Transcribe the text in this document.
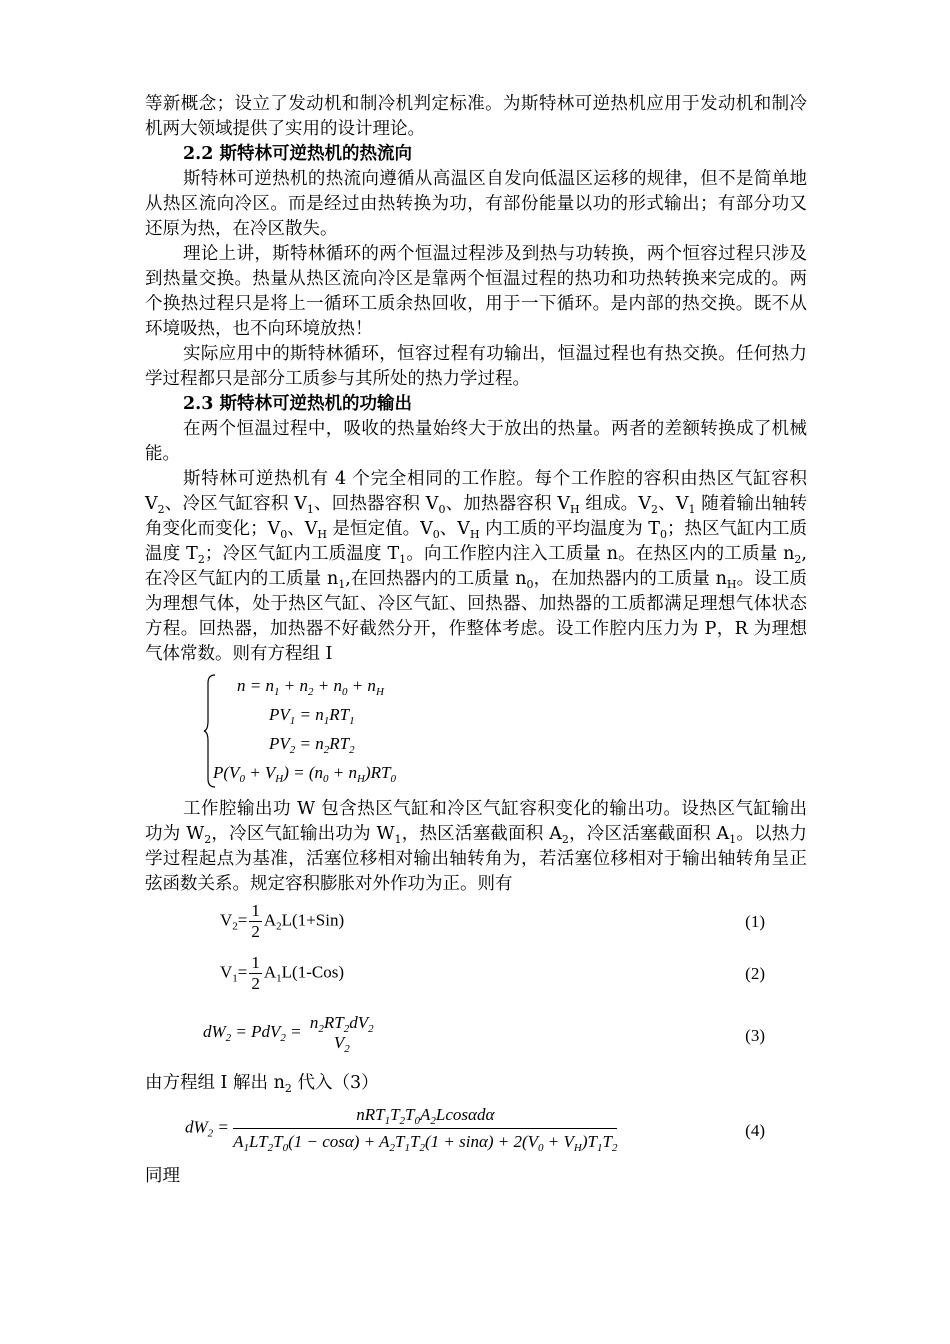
等新概念；设立了发动机和制冷机判定标准。为斯特林可逆热机应用于发动机和制冷机两大领域提供了实用的设计理论。

2.2 斯特林可逆热机的热流向

斯特林可逆热机的热流向遵循从高温区自发向低温区运移的规律，但不是简单地从热区流向冷区。而是经过由热转换为功，有部份能量以功的形式输出；有部分功又还原为热，在冷区散失。

理论上讲，斯特林循环的两个恒温过程涉及到热与功转换，两个恒容过程只涉及到热量交换。热量从热区流向冷区是靠两个恒温过程的热功和功热转换来完成的。两个换热过程只是将上一循环工质余热回收，用于一下循环。是内部的热交换。既不从环境吸热，也不向环境放热！

实际应用中的斯特林循环，恒容过程有功输出，恒温过程也有热交换。任何热力学过程都只是部分工质参与其所处的热力学过程。

2.3 斯特林可逆热机的功输出

在两个恒温过程中，吸收的热量始终大于放出的热量。两者的差额转换成了机械能。

斯特林可逆热机有 4 个完全相同的工作腔。每个工作腔的容积由热区气缸容积 $V_2$、冷区气缸容积 $V_1$、回热器容积 $V_0$、加热器容积 $V_H$ 组成。$V_2$、$V_1$ 随着输出轴转角变化而变化；$V_0$、$V_H$ 是恒定值。$V_0$、$V_H$ 内工质的平均温度为 $T_0$；热区气缸内工质温度 $T_2$；冷区气缸内工质温度 $T_1$。向工作腔内注入工质量 n。在热区内的工质量 $n_2$,在冷区气缸内的工质量 $n_1$,在回热器内的工质量 $n_0$，在加热器内的工质量 $n_H$。设工质为理想气体，处于热区气缸、冷区气缸、回热器、加热器的工质都满足理想气体状态方程。回热器，加热器不好截然分开，作整体考虑。设工作腔内压力为 P，R 为理想气体常数。则有方程组 I

$n = n_1 + n_2 + n_0 + n_H$
$PV_1 = n_1RT_1$
$PV_2 = n_2RT_2$
$P(V_0 + V_H) = (n_0 + n_H)RT_0$

工作腔输出功 W 包含热区气缸和冷区气缸容积变化的输出功。设热区气缸输出功为 $W_2$，冷区气缸输出功为 $W_1$，热区活塞截面积 $A_2$，冷区活塞截面积 $A_1$。以热力学过程起点为基准，活塞位移相对输出轴转角为，若活塞位移相对于输出轴转角呈正弦函数关系。规定容积膨胀对外作功为正。则有

$V_2= \frac{1}{2} A_2L(1+Sin)$	(1)
$V_1= \frac{1}{2} A_1L(1-Cos)$	(2)
$dW_2 = PdV_2 = n_2RT_2dV_2$
$V_2$
(3)

由方程组 I 解出 $n_2$ 代入（3）

$dW_2$ =
$nRT_1T_2T_0A_2Lcos\alpha d\alpha$
$A_1LT_2T_0(1 - \cos\alpha) + A_2T_1T_2(1 + \sin\alpha) + 2(V_0 + V_H)T_1T_2$
(4)

同理
